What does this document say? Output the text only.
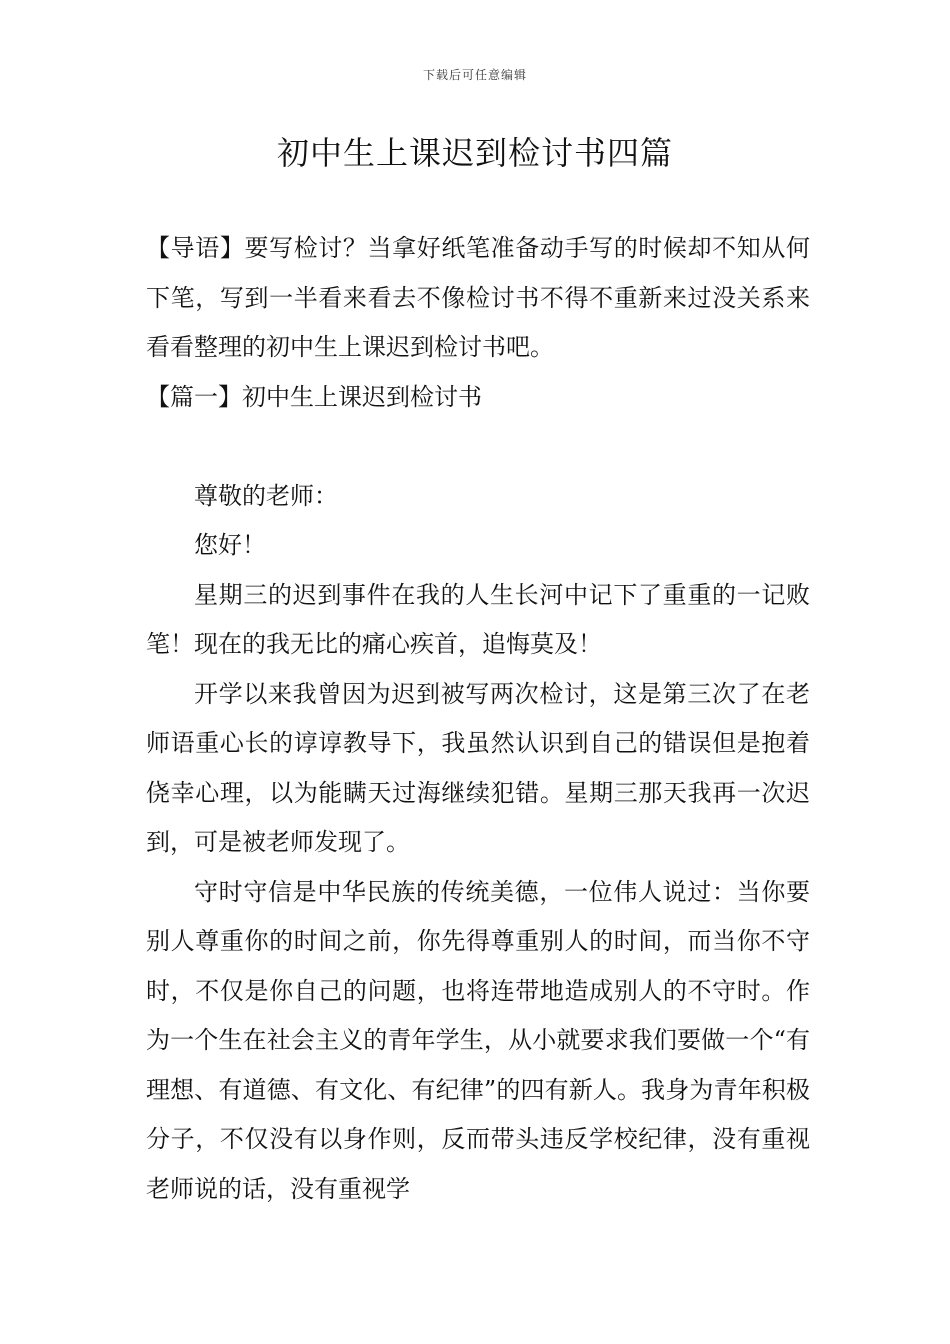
下载后可任意编辑
初中生上课迟到检讨书四篇

【导语】要写检讨？当拿好纸笔准备动手写的时候却不知从何下笔，写到一半看来看去不像检讨书不得不重新来过没关系来看看整理的初中生上课迟到检讨书吧。

【篇一】初中生上课迟到检讨书

尊敬的老师：

您好！

星期三的迟到事件在我的人生长河中记下了重重的一记败笔！现在的我无比的痛心疾首，追悔莫及！

开学以来我曾因为迟到被写两次检讨，这是第三次了在老师语重心长的谆谆教导下，我虽然认识到自己的错误但是抱着侥幸心理，以为能瞒天过海继续犯错。星期三那天我再一次迟到，可是被老师发现了。

守时守信是中华民族的传统美德，一位伟人说过：当你要别人尊重你的时间之前，你先得尊重别人的时间，而当你不守时，不仅是你自己的问题，也将连带地造成别人的不守时。作为一个生在社会主义的青年学生，从小就要求我们要做一个“有理想、有道德、有文化、有纪律”的四有新人。我身为青年积极分子，不仅没有以身作则，反而带头违反学校纪律，没有重视老师说的话，没有重视学
